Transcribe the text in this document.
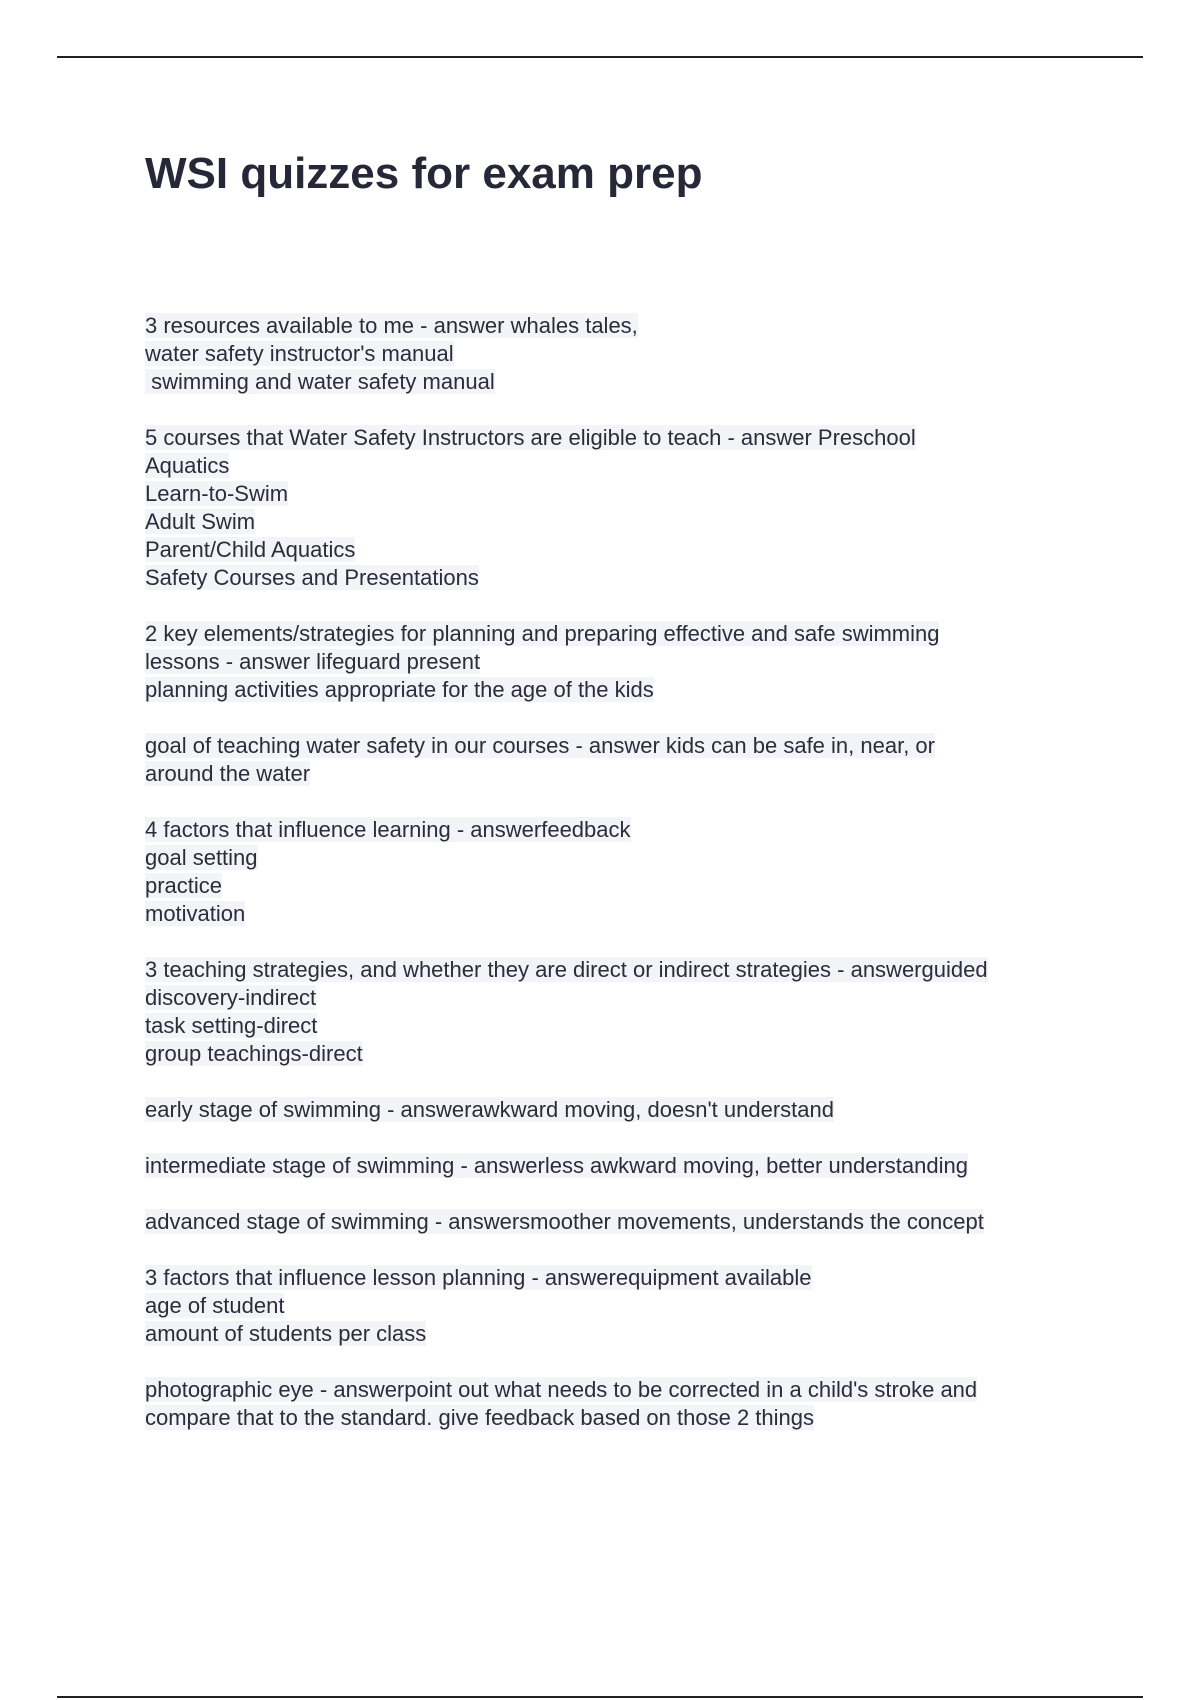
WSI quizzes for exam prep
3 resources available to me - answer whales tales,
water safety instructor's manual
swimming and water safety manual
5 courses that Water Safety Instructors are eligible to teach - answer Preschool
Aquatics
Learn-to-Swim
Adult Swim
Parent/Child Aquatics
Safety Courses and Presentations
2 key elements/strategies for planning and preparing effective and safe swimming
lessons - answer lifeguard present
planning activities appropriate for the age of the kids
goal of teaching water safety in our courses - answer kids can be safe in, near, or
around the water
4 factors that influence learning - answerfeedback
goal setting
practice
motivation
3 teaching strategies, and whether they are direct or indirect strategies - answerguided
discovery-indirect
task setting-direct
group teachings-direct
early stage of swimming - answerawkward moving, doesn't understand
intermediate stage of swimming - answerless awkward moving, better understanding
advanced stage of swimming - answersmoother movements, understands the concept
3 factors that influence lesson planning - answerequipment available
age of student
amount of students per class
photographic eye - answerpoint out what needs to be corrected in a child's stroke and
compare that to the standard. give feedback based on those 2 things
